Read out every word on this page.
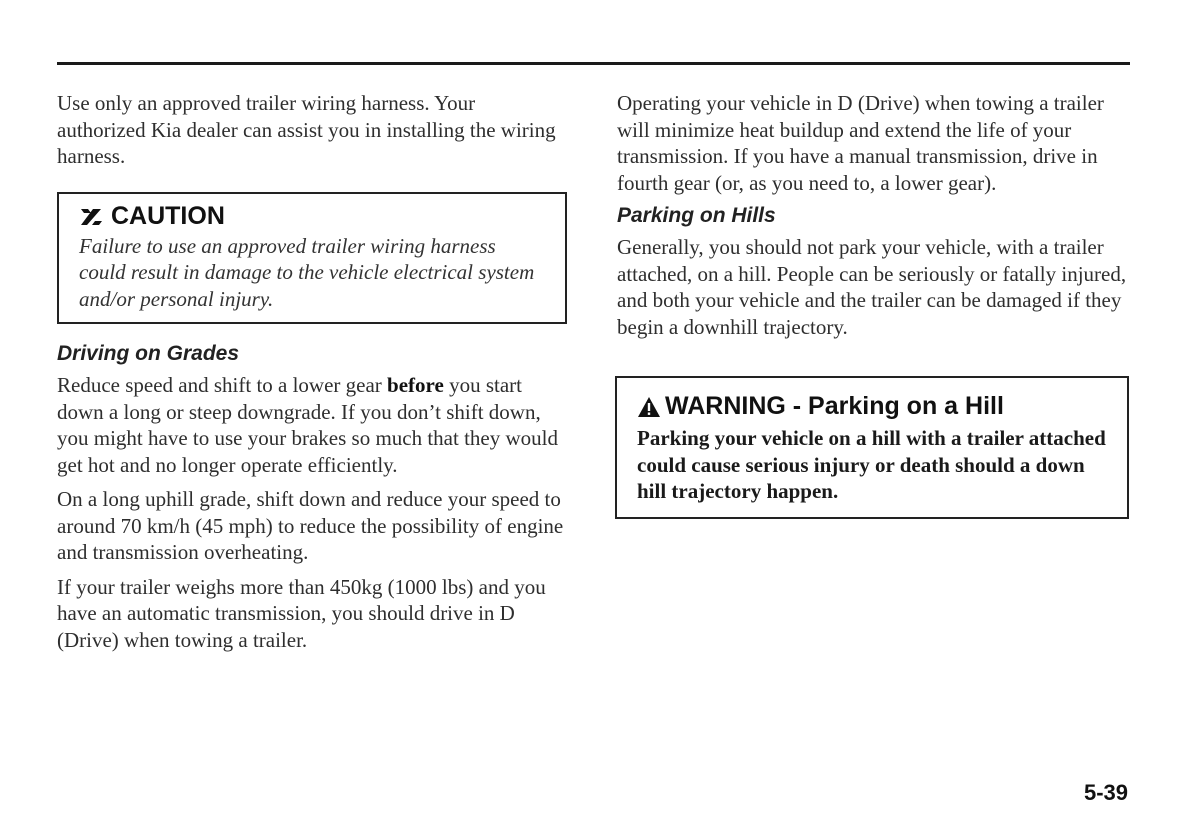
Use only an approved trailer wiring harness. Your authorized Kia dealer can assist you in installing the wiring harness.

CAUTION

Failure to use an approved trailer wiring harness could result in damage to the vehicle electrical system and/or personal injury.

Driving on Grades

Reduce speed and shift to a lower gear before you start down a long or steep downgrade. If you don’t shift down, you might have to use your brakes so much that they would get hot and no longer operate efficiently.

On a long uphill grade, shift down and reduce your speed to around 70 km/h (45 mph) to reduce the possibility of engine and transmission overheating.

If your trailer weighs more than 450kg (1000 lbs) and you have an automatic transmission, you should drive in D (Drive) when towing a trailer.

Operating your vehicle in D (Drive) when towing a trailer will minimize heat buildup and extend the life of your transmission. If you have a manual transmission, drive in fourth gear (or, as you need to, a lower gear).

Parking on Hills

Generally, you should not park your vehicle, with a trailer attached, on a hill. People can be seriously or fatally injured, and both your vehicle and the trailer can be damaged if they begin a downhill trajectory.

WARNING - Parking on a Hill

Parking your vehicle on a hill with a trailer attached could cause serious injury or death should a down hill trajectory happen.

5-39
